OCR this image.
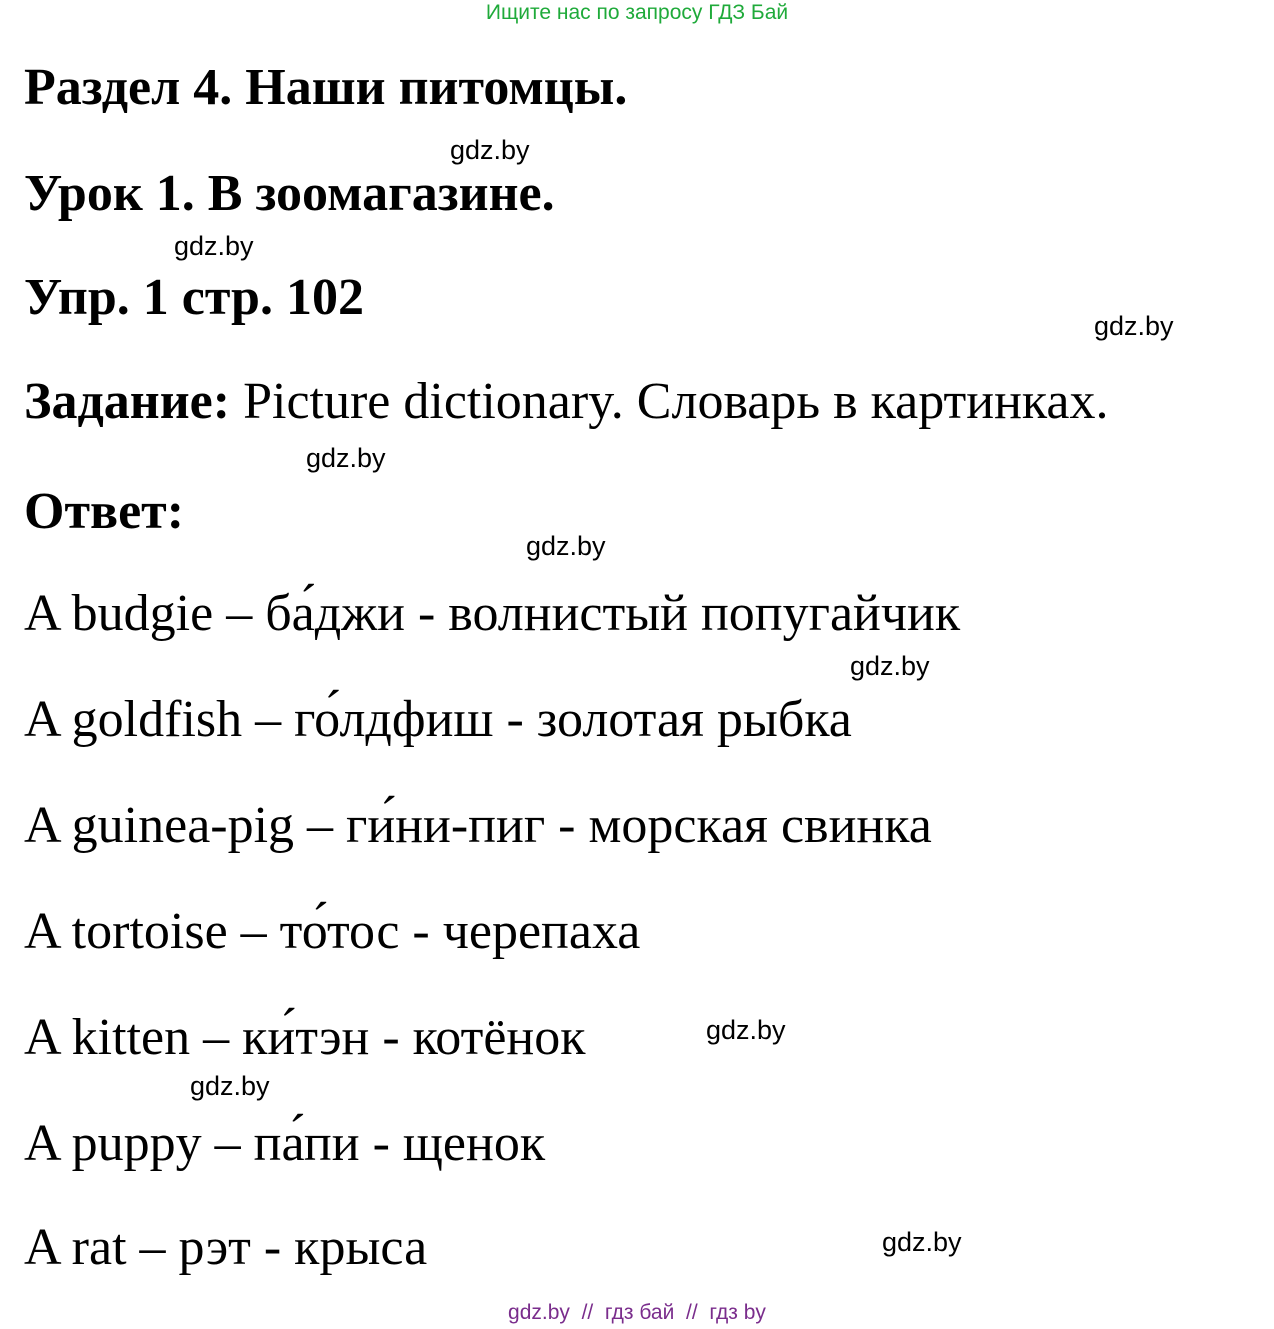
Ищите нас по запросу ГДЗ Бай
Раздел 4. Наши питомцы.
Урок 1. В зоомагазине.
Упр. 1 стр. 102
Задание: Picture dictionary. Словарь в картинках.
Ответ:
A budgie – ба́джи - волнистый попугайчик
A goldfish – го́лдфиш - золотая рыбка
A guinea-pig – ги́ни-пиг - морская свинка
A tortoise – то́тос - черепаха
A kitten – ки́тэн - котёнок
A puppy – па́пи - щенок
A rat – рэт - крыса
gdz.by
gdz.by
gdz.by
gdz.by
gdz.by
gdz.by
gdz.by
gdz.by
gdz.by
gdz.by  //  гдз бай  //  гдз by
